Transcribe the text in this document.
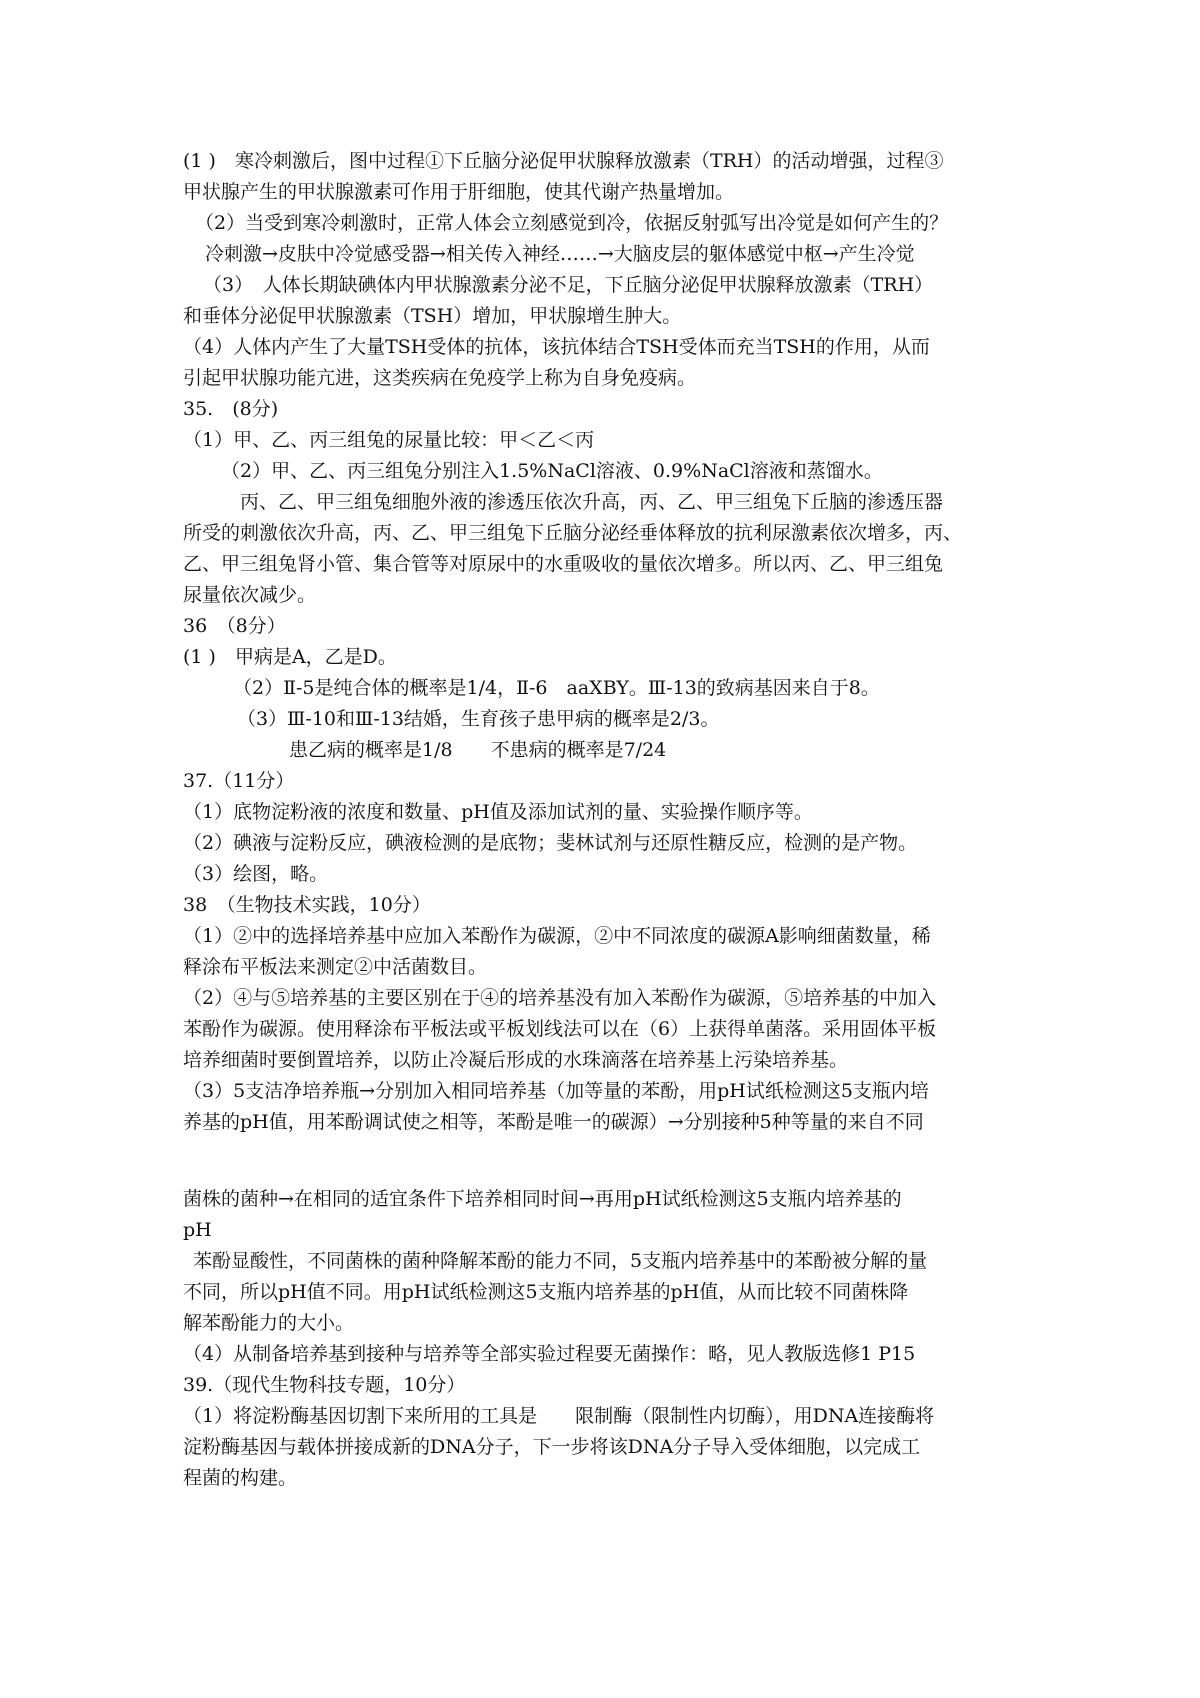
(1 )　寒冷刺激后，图中过程①下丘脑分泌促甲状腺释放激素（TRH）的活动增强，过程③

甲状腺产生的甲状腺激素可作用于肝细胞，使其代谢产热量增加。

（2）当受到寒冷刺激时，正常人体会立刻感觉到冷，依据反射弧写出冷觉是如何产生的？

冷刺激→皮肤中冷觉感受器→相关传入神经……→大脑皮层的躯体感觉中枢→产生冷觉

（3）　人体长期缺碘体内甲状腺激素分泌不足，下丘脑分泌促甲状腺释放激素（TRH）

和垂体分泌促甲状腺激素（TSH）增加，甲状腺增生肿大。

（4）人体内产生了大量TSH受体的抗体，该抗体结合TSH受体而充当TSH的作用，从而

引起甲状腺功能亢进，这类疾病在免疫学上称为自身免疫病。

35.　(8分)

（1）甲、乙、丙三组兔的尿量比较：甲＜乙＜丙

（2）甲、乙、丙三组兔分别注入1.5%NaCl溶液、0.9%NaCl溶液和蒸馏水。

丙、乙、甲三组兔细胞外液的渗透压依次升高，丙、乙、甲三组兔下丘脑的渗透压器

所受的刺激依次升高，丙、乙、甲三组兔下丘脑分泌经垂体释放的抗利尿激素依次增多，丙、

乙、甲三组兔肾小管、集合管等对原尿中的水重吸收的量依次增多。所以丙、乙、甲三组兔

尿量依次减少。

36　（8分）

(1 )　甲病是A，乙是D。

（2）Ⅱ-5是纯合体的概率是1/4，Ⅱ-6　aaXBY。Ⅲ-13的致病基因来自于8。

（3）Ⅲ-10和Ⅲ-13结婚，生育孩子患甲病的概率是2/3。

患乙病的概率是1/8　　不患病的概率是7/24

37.（11分）

（1）底物淀粉液的浓度和数量、pH值及添加试剂的量、实验操作顺序等。

（2）碘液与淀粉反应，碘液检测的是底物；斐林试剂与还原性糖反应，检测的是产物。

（3）绘图，略。

38　（生物技术实践，10分）

（1）②中的选择培养基中应加入苯酚作为碳源，②中不同浓度的碳源A影响细菌数量，稀

释涂布平板法来测定②中活菌数目。

（2）④与⑤培养基的主要区别在于④的培养基没有加入苯酚作为碳源，⑤培养基的中加入

苯酚作为碳源。使用释涂布平板法或平板划线法可以在（6）上获得单菌落。采用固体平板

培养细菌时要倒置培养，以防止冷凝后形成的水珠滴落在培养基上污染培养基。

（3）5支洁净培养瓶→分别加入相同培养基（加等量的苯酚，用pH试纸检测这5支瓶内培

养基的pH值，用苯酚调试使之相等，苯酚是唯一的碳源）→分别接种5种等量的来自不同

菌株的菌种→在相同的适宜条件下培养相同时间→再用pH试纸检测这5支瓶内培养基的

pH

苯酚显酸性，不同菌株的菌种降解苯酚的能力不同，5支瓶内培养基中的苯酚被分解的量

不同，所以pH值不同。用pH试纸检测这5支瓶内培养基的pH值，从而比较不同菌株降

解苯酚能力的大小。

（4）从制备培养基到接种与培养等全部实验过程要无菌操作：略，见人教版选修1 P15

39.（现代生物科技专题，10分）

（1）将淀粉酶基因切割下来所用的工具是　　限制酶（限制性内切酶），用DNA连接酶将

淀粉酶基因与载体拼接成新的DNA分子，下一步将该DNA分子导入受体细胞，以完成工

程菌的构建。
